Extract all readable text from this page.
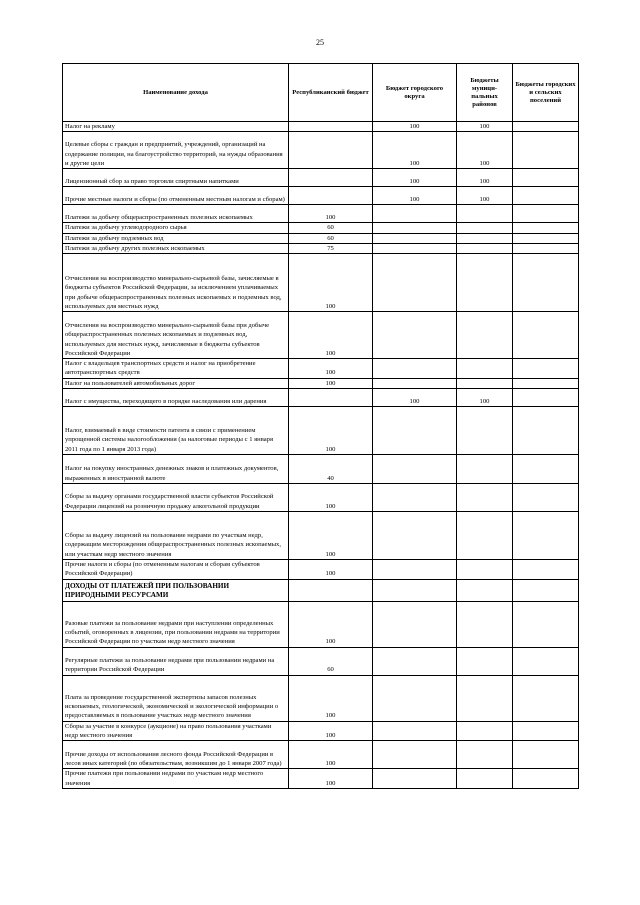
25
Наименование дохода	Республиканский бюджет	Бюджет городского округа	Бюджеты муници-пальных районов	Бюджеты городских и сельских поселений
Налог на рекламу		100	100	
Целевые сборы с граждан и предприятий, учреждений, организаций на содержание полиции, на благоустройство территорий, на нужды образования и другие цели		100	100	
Лицензионный сбор за право торговли спиртными напитками		100	100	
Прочие местные налоги и сборы (по отмененным местным налогам и сборам)		100	100	
Платежи за добычу общераспространенных полезных ископаемых	100			
Платежи за добычу углеводородного сырья	60			
Платежи за добычу подземных вод	60			
Платежи за добычу других полезных ископаемых	75			
Отчисления на воспроизводство минерально-сырьевой базы, зачисляемые в бюджеты субъектов Российской Федерации, за исключением уплачиваемых при добыче общераспространенных полезных ископаемых и подземных вод, используемых для местных нужд	100			
Отчисления на воспроизводство минерально-сырьевой базы при добыче общераспространенных полезных ископаемых и подземных вод, используемых для местных нужд, зачисляемые в бюджеты субъектов Российской Федерации	100			
Налог с владельцев транспортных средств и налог на приобретение автотранспортных средств	100			
Налог на пользователей автомобильных дорог	100			
Налог с имущества, переходящего в порядке наследования или дарения		100	100	
Налог, взимаемый в виде стоимости патента в связи с применением упрощенной системы налогообложения (за налоговые периоды с 1 января 2011 года по 1 января 2013 года)	100			
Налог на покупку иностранных денежных знаков и платежных документов, выраженных в иностранной валюте	40			
Сборы за выдачу органами государственной власти субъектов Российской Федерации лицензий на розничную продажу алкогольной продукции	100			
Сборы за выдачу лицензий на пользование недрами по участкам недр, содержащим месторождения общераспространенных полезных ископаемых, или участкам недр местного значения	100			
Прочие налоги и сборы (по отмененным налогам и сборам субъектов Российской Федерации)	100			
ДОХОДЫ ОТ ПЛАТЕЖЕЙ ПРИ ПОЛЬЗОВАНИИ ПРИРОДНЫМИ РЕСУРСАМИ				
Разовые платежи за пользование недрами при наступлении определенных событий, оговоренных в лицензии, при пользовании недрами на территории Российской Федерации по участкам недр местного значения	100			
Регулярные платежи за пользование недрами при пользовании недрами на территории Российской Федерации	60			
Плата за проведение государственной экспертизы запасов полезных ископаемых, геологической, экономической и экологической информации о предоставляемых в пользование участках недр местного значения	100			
Сборы за участие в конкурсе (аукционе) на право пользования участками недр местного значения	100			
Прочие доходы от использования лесного фонда Российской Федерации в лесов иных категорий (по обязательствам, возникшим до 1 января 2007 года)	100			
Прочие платежи при пользовании недрами по участкам недр местного значения	100			
